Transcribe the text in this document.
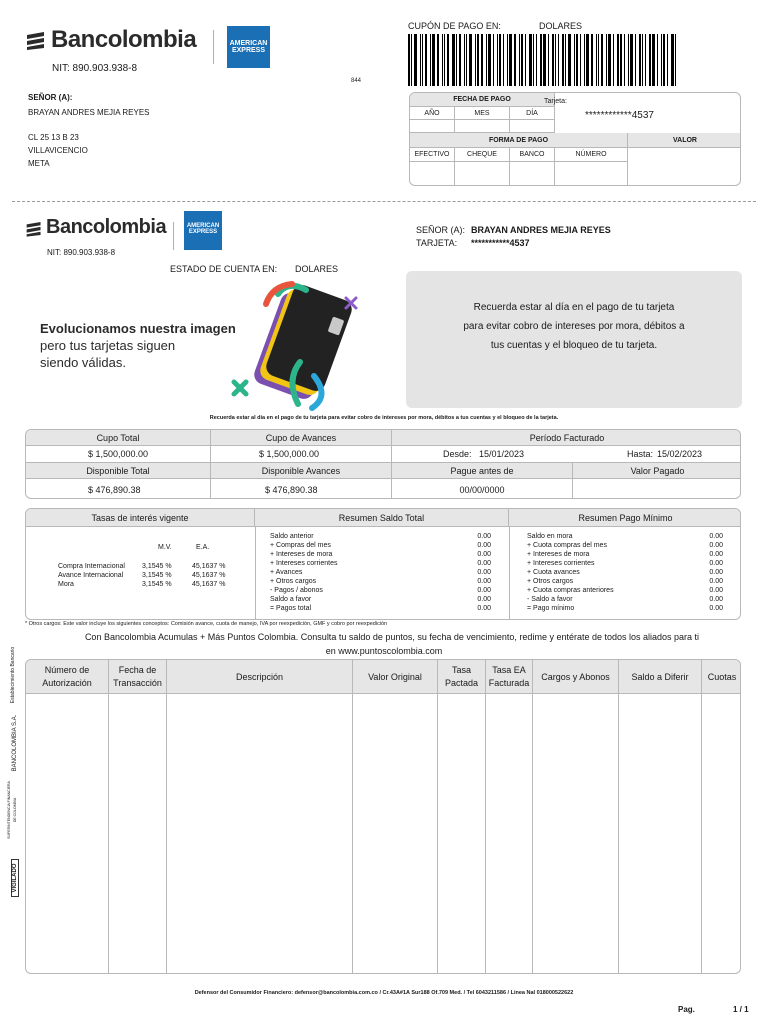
Bancolombia	AMERICAN
EXPRESS
NIT: 890.903.938-8
844
CUPÓN DE PAGO EN:	DOLARES
SEÑOR (A):
BRAYAN ANDRES MEJIA REYES
CL 25 13 B 23
VILLAVICENCIO
META
FECHA DE PAGO
AÑO	MES	DÍA
Tarjeta:
************4537
FORMA DE PAGO	VALOR
EFECTIVO	CHEQUE	BANCO	NÚMERO
Bancolombia	AMERICAN
EXPRESS
NIT: 890.903.938-8
SEÑOR (A): BRAYAN ANDRES MEJIA REYES
TARJETA: ***********4537
ESTADO DE CUENTA EN: DOLARES
Evolucionamos nuestra imagen
pero tus tarjetas siguen
siendo válidas.
Recuerda estar al día en el pago de tu tarjeta
para evitar cobro de intereses por mora, débitos a
tus cuentas y el bloqueo de tu tarjeta.
Recuerda estar al día en el pago de tu tarjeta para evitar cobro de intereses por mora, débitos a tus cuentas y el bloqueo de la tarjeta.
Cupo Total	Cupo de Avances	Período Facturado
$ 1,500,000.00	$ 1,500,000.00	Desde: 15/01/2023	Hasta: 15/02/2023
Disponible Total	Disponible Avances	Pague antes de	Valor Pagado
$ 476,890.38	$ 476,890.38	00/00/0000
Tasas de interés vigente	Resumen Saldo Total	Resumen Pago Mínimo
M.V.	E.A.
Compra Internacional	3,1545 %	45,1637 %
Avance Internacional	3,1545 %	45,1637 %
Mora	3,1545 %	45,1637 %
Saldo anterior	0.00
+ Compras del mes	0.00
+ Intereses de mora	0.00
+ Intereses corrientes	0.00
+ Avances	0.00
+ Otros cargos	0.00
- Pagos / abonos	0.00
Saldo a favor	0.00
= Pagos total	0.00
Saldo en mora	0.00
+ Cuota compras del mes	0.00
+ Intereses de mora	0.00
+ Intereses corrientes	0.00
+ Cuota avances	0.00
+ Otros cargos	0.00
+ Cuota compras anteriores	0.00
- Saldo a favor	0.00
= Pago mínimo	0.00
* Otros cargos: Este valor incluye los siguientes conceptos: Comisión avance, cuota de manejo, IVA por reexpedición, GMF y cobro por reexpedición
Con Bancolombia Acumulas + Más Puntos Colombia. Consulta tu saldo de puntos, su fecha de vencimiento, redime y entérate de todos los aliados para ti
en www.puntoscolombia.com
Establecimiento Bancario
BANCOLOMBIA S.A.
SUPERINTENDENCIA FINANCIERA DE COLOMBIA
VIGILADO
Número de
Autorización
Fecha de
Transacción
Descripción	Valor Original
Tasa
Pactada
Tasa EA
Facturada
Cargos y Abonos	Saldo a Diferir	Cuotas
Defensor del Consumidor Financiero: defensor@bancolombia.com.co / Cr.43A#1A Sur188 Of.709 Med. / Tel 6043211586 / Linea Nal 018000522622
Pag.	1 / 1
